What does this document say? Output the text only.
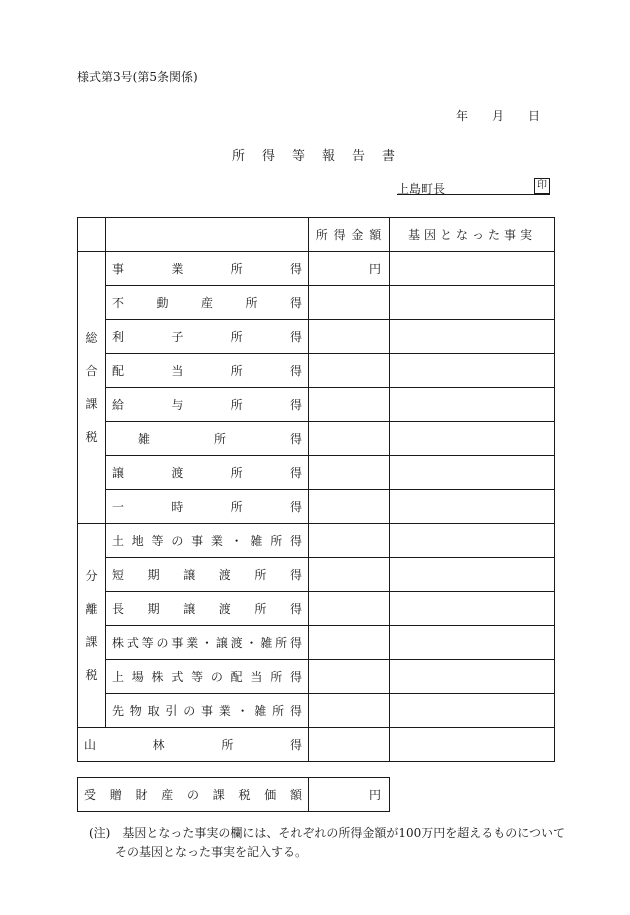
様式第3号(第5条関係)
年 月 日
所得等報告書
上島町長	印
		所 得 金 額	基因となった事実

総
合
課
税	事業所得	円	
	不動産所得		
	利子所得		
	配当所得		
	給与所得		
	雑所得		
	譲渡所得		
	一時所得		

分
離
課
税	土地等の事業・雑所得		
	短期譲渡所得		
	長期譲渡所得		
	株式等の事業・譲渡・雑所得		
	上場株式等の配当所得		
	先物取引の事業・雑所得		
山林所得			
受贈財産の課税価額	円
(注)　基因となった事実の欄には、それぞれの所得金額が100万円を超えるものについて
その基因となった事実を記入する。
